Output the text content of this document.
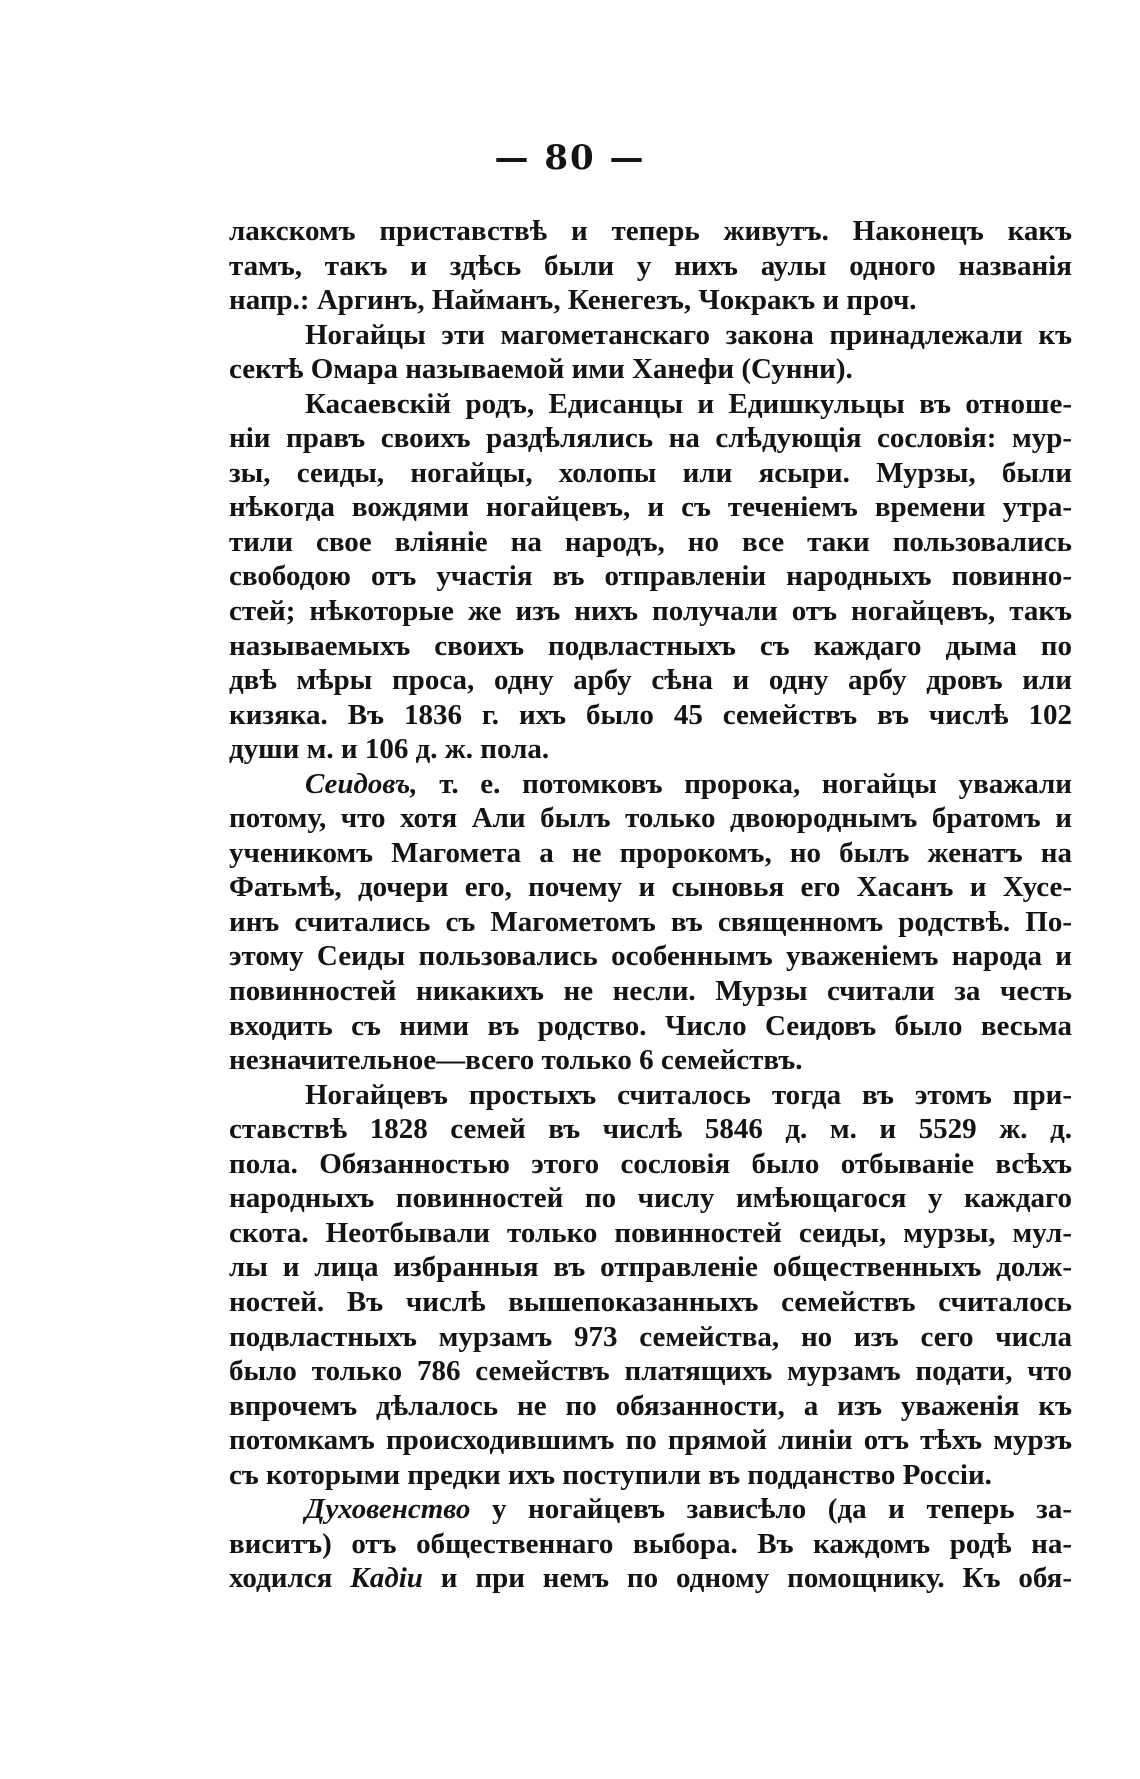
— 80 —
лакскомъ приставствѣ и теперь живутъ. Наконецъ какъ
тамъ, такъ и здѣсь были у нихъ аулы одного названія
напр.: Аргинъ, Найманъ, Кенегезъ, Чокракъ и проч.
Ногайцы эти магометанскаго закона принадлежали къ
сектѣ Омара называемой ими Ханефи (Сунни).
Касаевскій родъ, Едисанцы и Едишкульцы въ отноше-
ніи правъ своихъ раздѣлялись на слѣдующія сословія: мур-
зы, сеиды, ногайцы, холопы или ясыри. Мурзы, были
нѣкогда вождями ногайцевъ, и съ теченіемъ времени утра-
тили свое вліяніе на народъ, но все таки пользовались
свободою отъ участія въ отправленіи народныхъ повинно-
стей; нѣкоторые же изъ нихъ получали отъ ногайцевъ, такъ
называемыхъ своихъ подвластныхъ съ каждаго дыма по
двѣ мѣры проса, одну арбу сѣна и одну арбу дровъ или
кизяка. Въ 1836 г. ихъ было 45 семействъ въ числѣ 102
души м. и 106 д. ж. пола.
Сеидовъ, т. е. потомковъ пророка, ногайцы уважали
потому, что хотя Али былъ только двоюроднымъ братомъ и
ученикомъ Магомета а не пророкомъ, но былъ женатъ на
Фатьмѣ, дочери его, почему и сыновья его Хасанъ и Хусе-
инъ считались съ Магометомъ въ священномъ родствѣ. По-
этому Сеиды пользовались особеннымъ уваженіемъ народа и
повинностей никакихъ не несли. Мурзы считали за честь
входить съ ними въ родство. Число Сеидовъ было весьма
незначительное—всего только 6 семействъ.
Ногайцевъ простыхъ считалось тогда въ этомъ при-
ставствѣ 1828 семей въ числѣ 5846 д. м. и 5529 ж. д.
пола. Обязанностью этого сословія было отбываніе всѣхъ
народныхъ повинностей по числу имѣющагося у каждаго
скота. Неотбывали только повинностей сеиды, мурзы, мул-
лы и лица избранныя въ отправленіе общественныхъ долж-
ностей. Въ числѣ вышепоказанныхъ семействъ считалось
подвластныхъ мурзамъ 973 семейства, но изъ сего числа
было только 786 семействъ платящихъ мурзамъ подати, что
впрочемъ дѣлалось не по обязанности, а изъ уваженія къ
потомкамъ происходившимъ по прямой линіи отъ тѣхъ мурзъ
съ которыми предки ихъ поступили въ подданство Россіи.
Духовенство у ногайцевъ зависѣло (да и теперь за-
виситъ) отъ общественнаго выбора. Въ каждомъ родѣ на-
ходился Кадіи и при немъ по одному помощнику. Къ обя-
